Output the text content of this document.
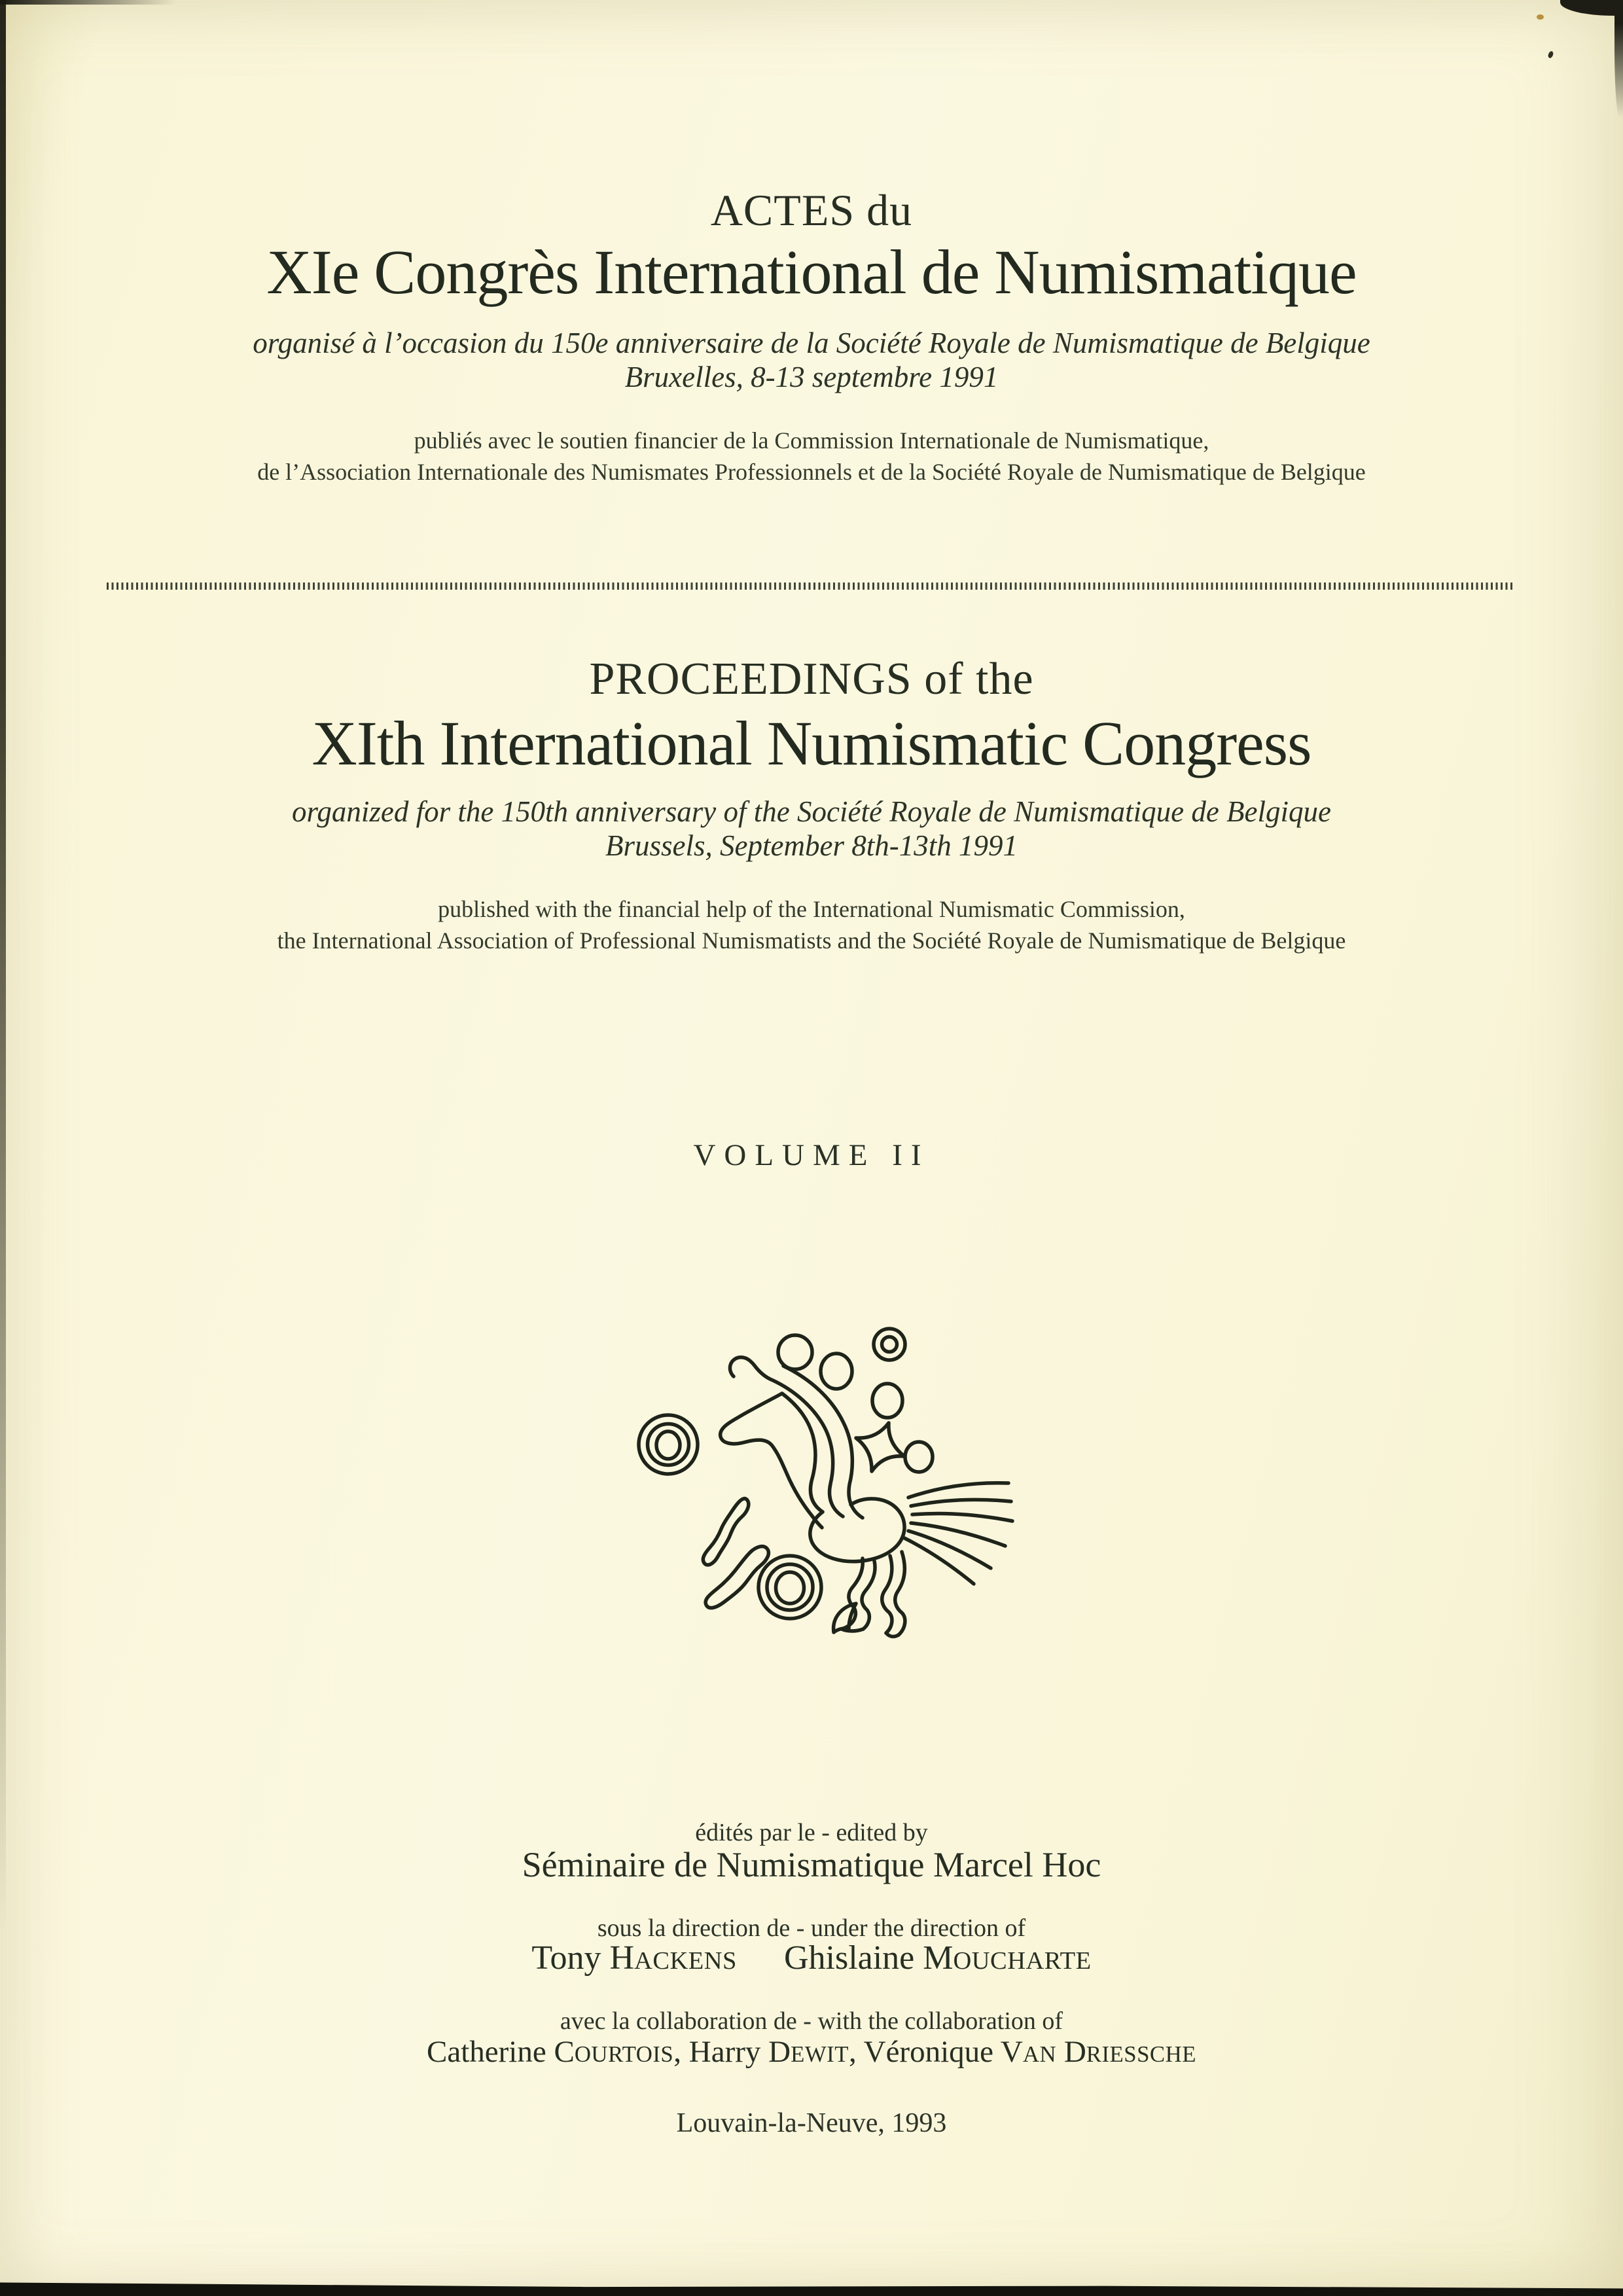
ACTES du
XIe Congrès International de Numismatique
organisé à l’occasion du 150e anniversaire de la Société Royale de Numismatique de Belgique
Bruxelles, 8-13 septembre 1991
publiés avec le soutien financier de la Commission Internationale de Numismatique,
de l’Association Internationale des Numismates Professionnels et de la Société Royale de Numismatique de Belgique
PROCEEDINGS of the
XIth International Numismatic Congress
organized for the 150th anniversary of the Société Royale de Numismatique de Belgique
Brussels, September 8th-13th 1991
published with the financial help of the International Numismatic Commission,
the International Association of Professional Numismatists and the Société Royale de Numismatique de Belgique
VOLUME II
édités par le - edited by
Séminaire de Numismatique Marcel Hoc
sous la direction de - under the direction of
Tony HACKENS Ghislaine MOUCHARTE
avec la collaboration de - with the collaboration of
Catherine COURTOIS, Harry DEWIT, Véronique VAN DRIESSCHE
Louvain-la-Neuve, 1993
